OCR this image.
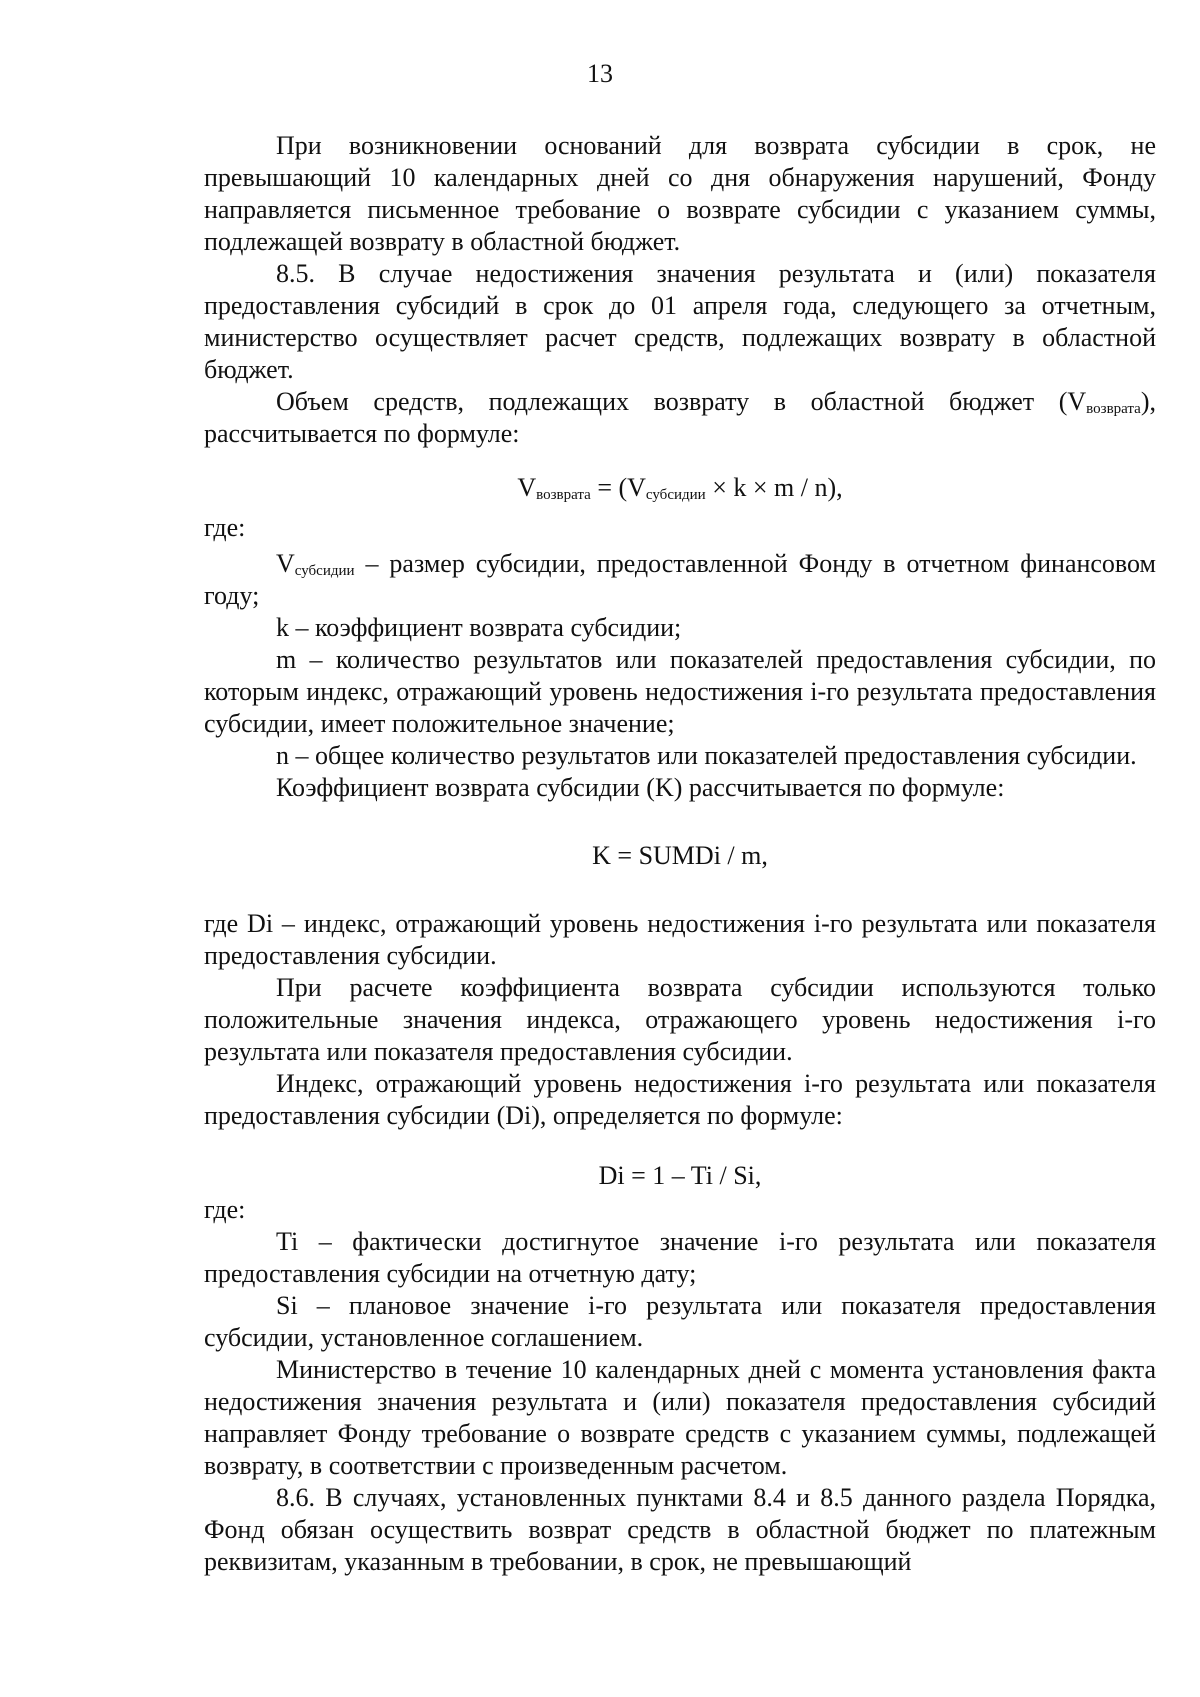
13

При возникновении оснований для возврата субсидии в срок, не превышающий 10 календарных дней со дня обнаружения нарушений, Фонду направляется письменное требование о возврате субсидии с указанием суммы, подлежащей возврату в областной бюджет.

8.5. В случае недостижения значения результата и (или) показателя предоставления субсидий в срок до 01 апреля года, следующего за отчетным, министерство осуществляет расчет средств, подлежащих возврату в областной бюджет.

Объем средств, подлежащих возврату в областной бюджет $(V_{возврата})$, рассчитывается по формуле:

$V_{возврата} = (V_{субсидии} \times k \times m / n)$,

где:

$V_{субсидии}$ – размер субсидии, предоставленной Фонду в отчетном финансовом году;

k – коэффициент возврата субсидии;

m – количество результатов или показателей предоставления субсидии, по которым индекс, отражающий уровень недостижения i-го результата предоставления субсидии, имеет положительное значение;

n – общее количество результатов или показателей предоставления субсидии.

Коэффициент возврата субсидии (K) рассчитывается по формуле:

K = SUMDi / m,

где Di – индекс, отражающий уровень недостижения i-го результата или показателя предоставления субсидии.

При расчете коэффициента возврата субсидии используются только положительные значения индекса, отражающего уровень недостижения i-го результата или показателя предоставления субсидии.

Индекс, отражающий уровень недостижения i-го результата или показателя предоставления субсидии (Di), определяется по формуле:

Di = 1 – Ti / Si,

где:

Ti – фактически достигнутое значение i-го результата или показателя предоставления субсидии на отчетную дату;

Si – плановое значение i-го результата или показателя предоставления субсидии, установленное соглашением.

Министерство в течение 10 календарных дней с момента установления факта недостижения значения результата и (или) показателя предоставления субсидий направляет Фонду требование о возврате средств с указанием суммы, подлежащей возврату, в соответствии с произведенным расчетом.

8.6. В случаях, установленных пунктами 8.4 и 8.5 данного раздела Порядка, Фонд обязан осуществить возврат средств в областной бюджет по платежным реквизитам, указанным в требовании, в срок, не превышающий
